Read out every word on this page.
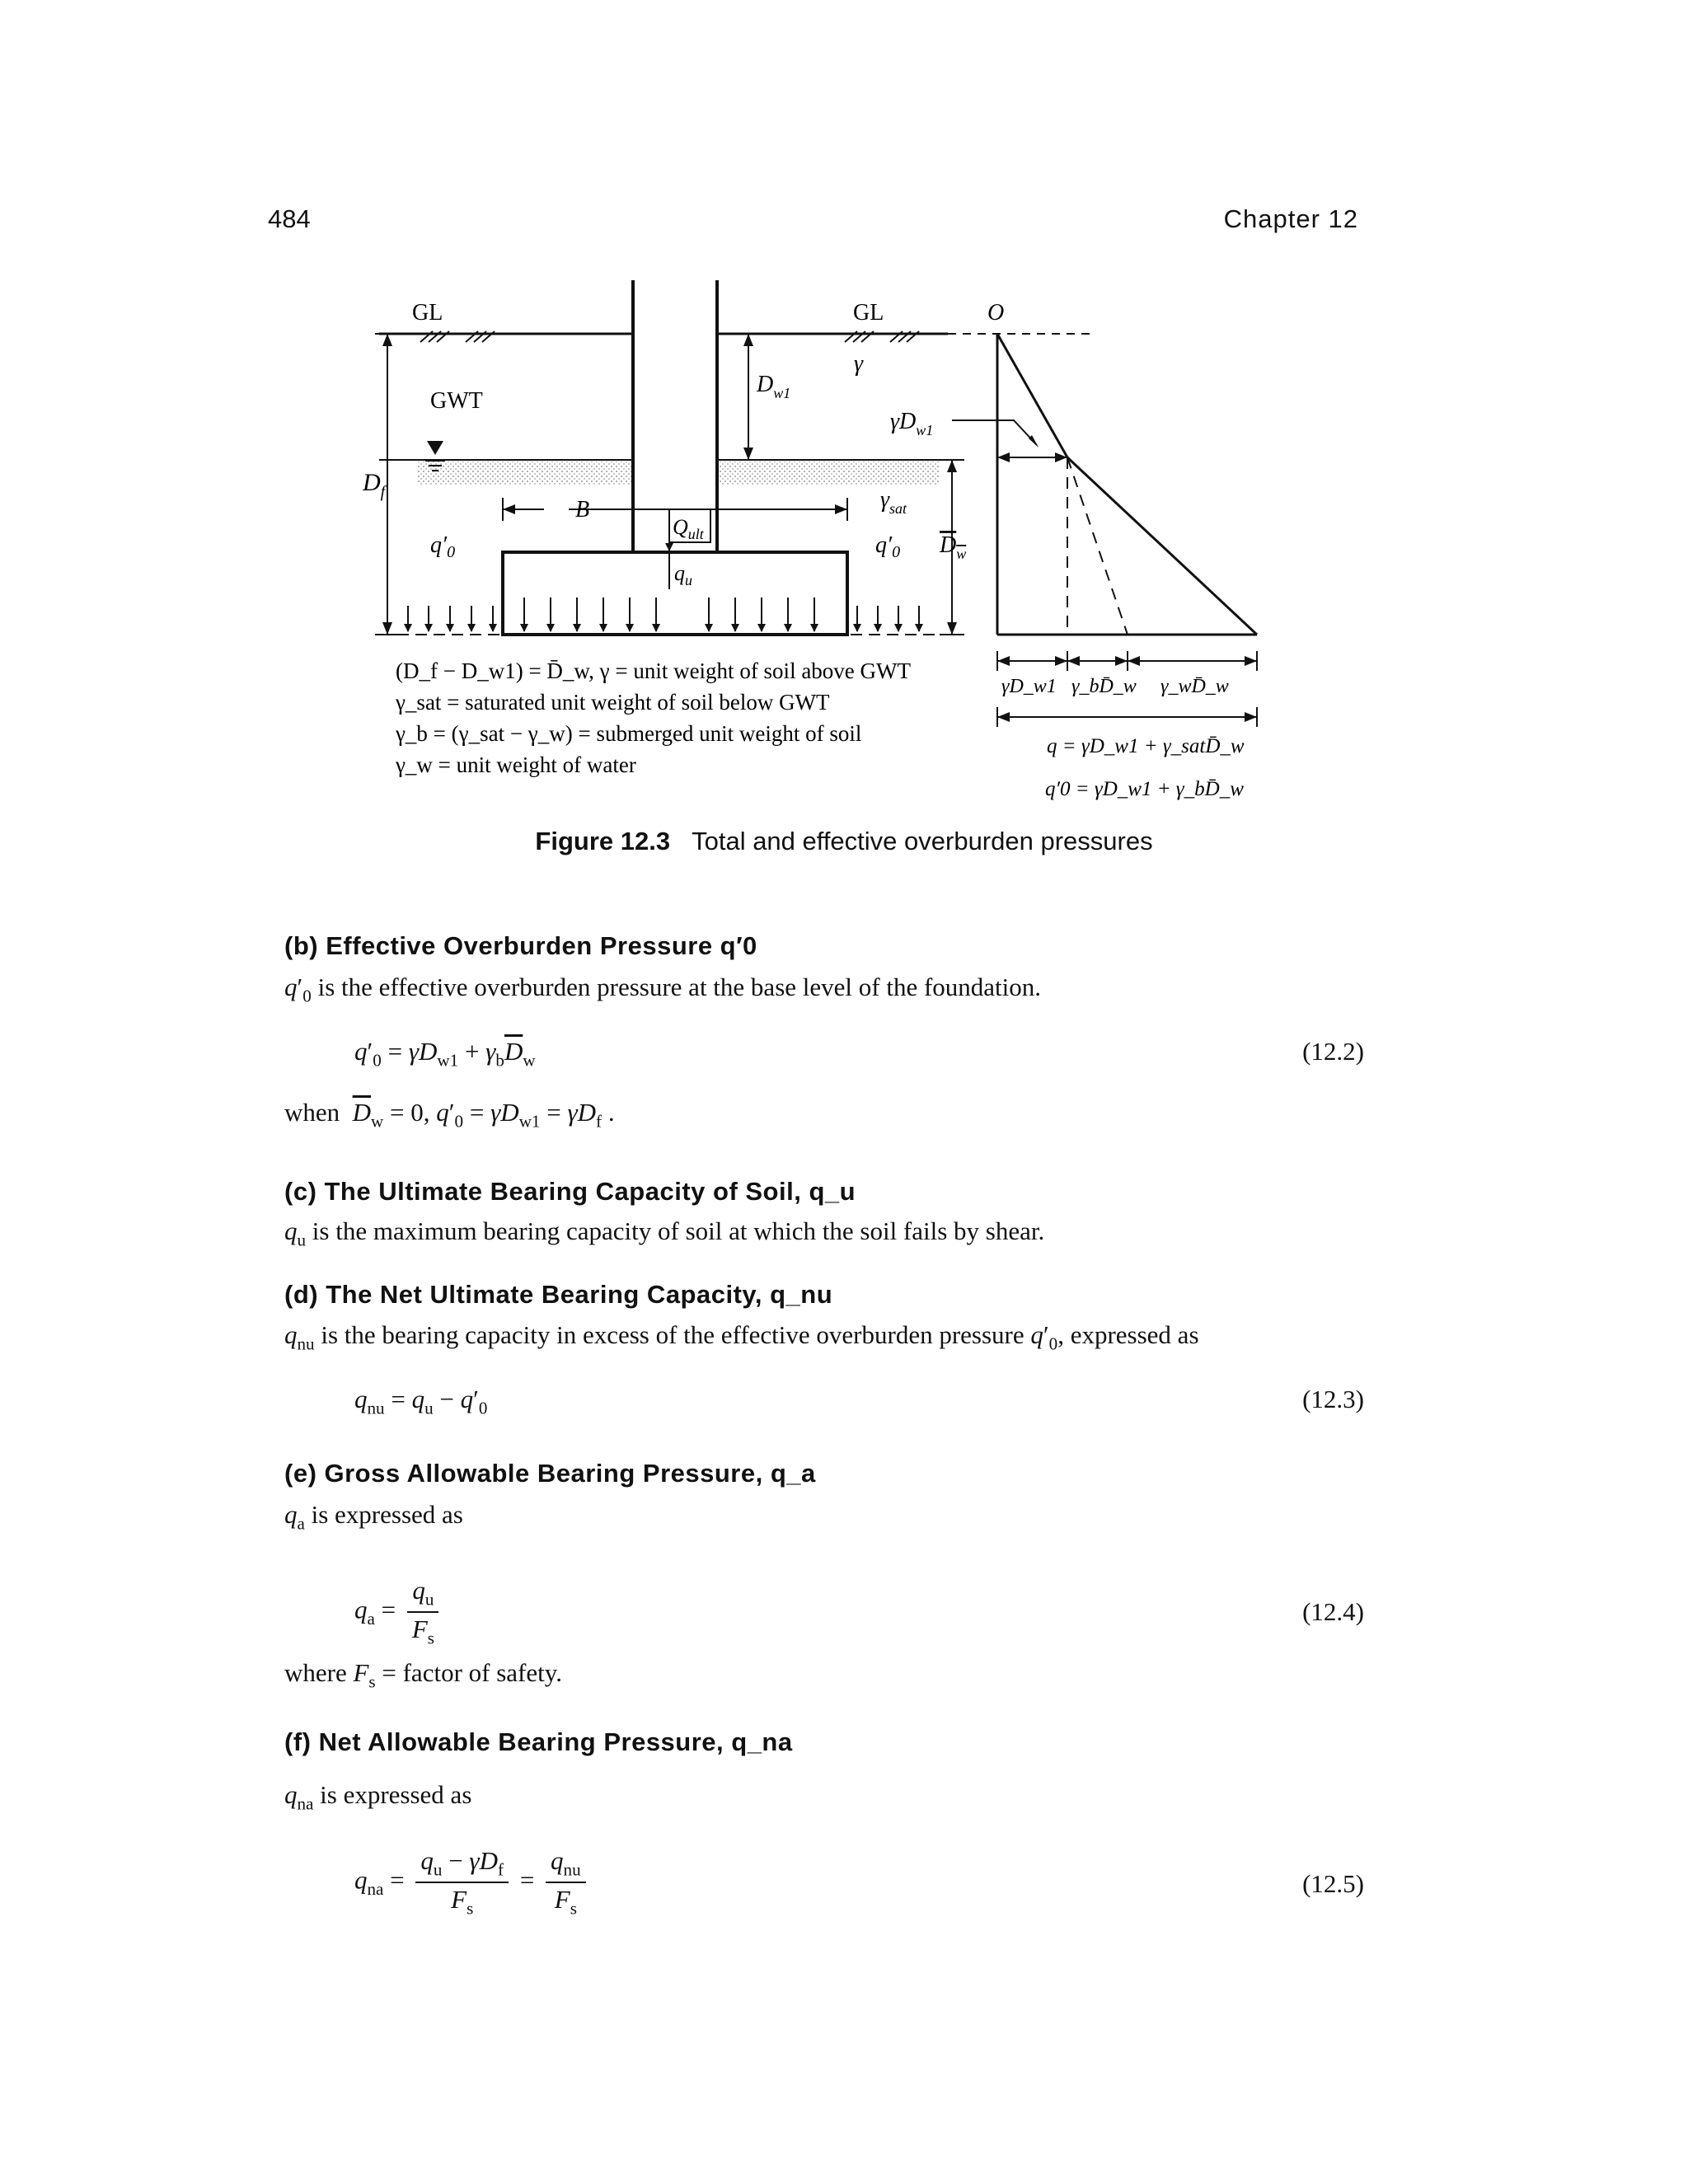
484	Chapter 12
GL	GL
GWT
$D_f$
B
$Q_{ult}$
$q_u$
$q'_0$	$q'_0$
$D_{w1}$
γ
$\gamma D_{w1}$
$\gamma_{sat}$
$D_w$
O
(D_f − D_w1) = D̄_w, γ = unit weight of soil above GWT
γ_sat = saturated unit weight of soil below GWT
γ_b = (γ_sat − γ_w) = submerged unit weight of soil
γ_w = unit weight of water
γD_w1 γ_bD̄_w γ_wD̄_w
q = γD_w1 + γ_satD̄_w
q′0 = γD_w1 + γ_bD̄_w
Figure 12.3 Total and effective overburden pressures
(b) Effective Overburden Pressure q′0
$q'_0$ is the effective overburden pressure at the base level of the foundation.
$q'_0 = \gamma D_{w1} + \gamma_b\overline{D}_w$	(12.2)
when $\overline{D}_w = 0$, $q'_0 = \gamma D_{w1} = \gamma D_f$ .
(c) The Ultimate Bearing Capacity of Soil, q_u
$q_u$ is the maximum bearing capacity of soil at which the soil fails by shear.
(d) The Net Ultimate Bearing Capacity, q_nu
$q_{nu}$ is the bearing capacity in excess of the effective overburden pressure $q'_0$, expressed as
$q_{nu} = q_u - q'_0$	(12.3)
(e) Gross Allowable Bearing Pressure, q_a
$q_a$ is expressed as
$q_a = \frac{q_u}{F_s}$	(12.4)
where $F_s$ = factor of safety.
(f) Net Allowable Bearing Pressure, q_na
$q_{na}$ is expressed as
$q_{na} = \frac{q_u - \gamma D_f}{F_s} = \frac{q_{nu}}{F_s}$	(12.5)
